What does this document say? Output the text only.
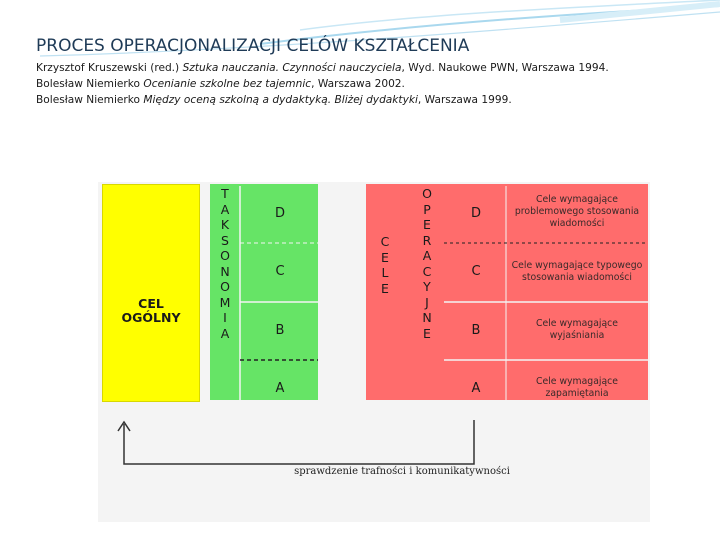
PROCES OPERACJONALIZACJI CELÓW KSZTAŁCENIA
Krzysztof Kruszewski (red.) Sztuka nauczania. Czynności nauczyciela, Wyd. Naukowe PWN, Warszawa 1994.
Bolesław Niemierko Ocenianie szkolne bez tajemnic, Warszawa 2002.
Bolesław Niemierko Między oceną szkolną a dydaktyką. Bliżej dydaktyki, Warszawa 1999.
CEL
OGÓLNY
T
A
K
S
O
N
O
M
I
A
D
C
B
A
C
E
L
E
O
P
E
R
A
C
Y
J
N
E
D
C
B
A
Cele wymagające
problemowego stosowania
wiadomości
Cele wymagające typowego
stosowania wiadomości
Cele wymagające
wyjaśniania
Cele wymagające
zapamiętania
sprawdzenie trafności i komunikatywności
